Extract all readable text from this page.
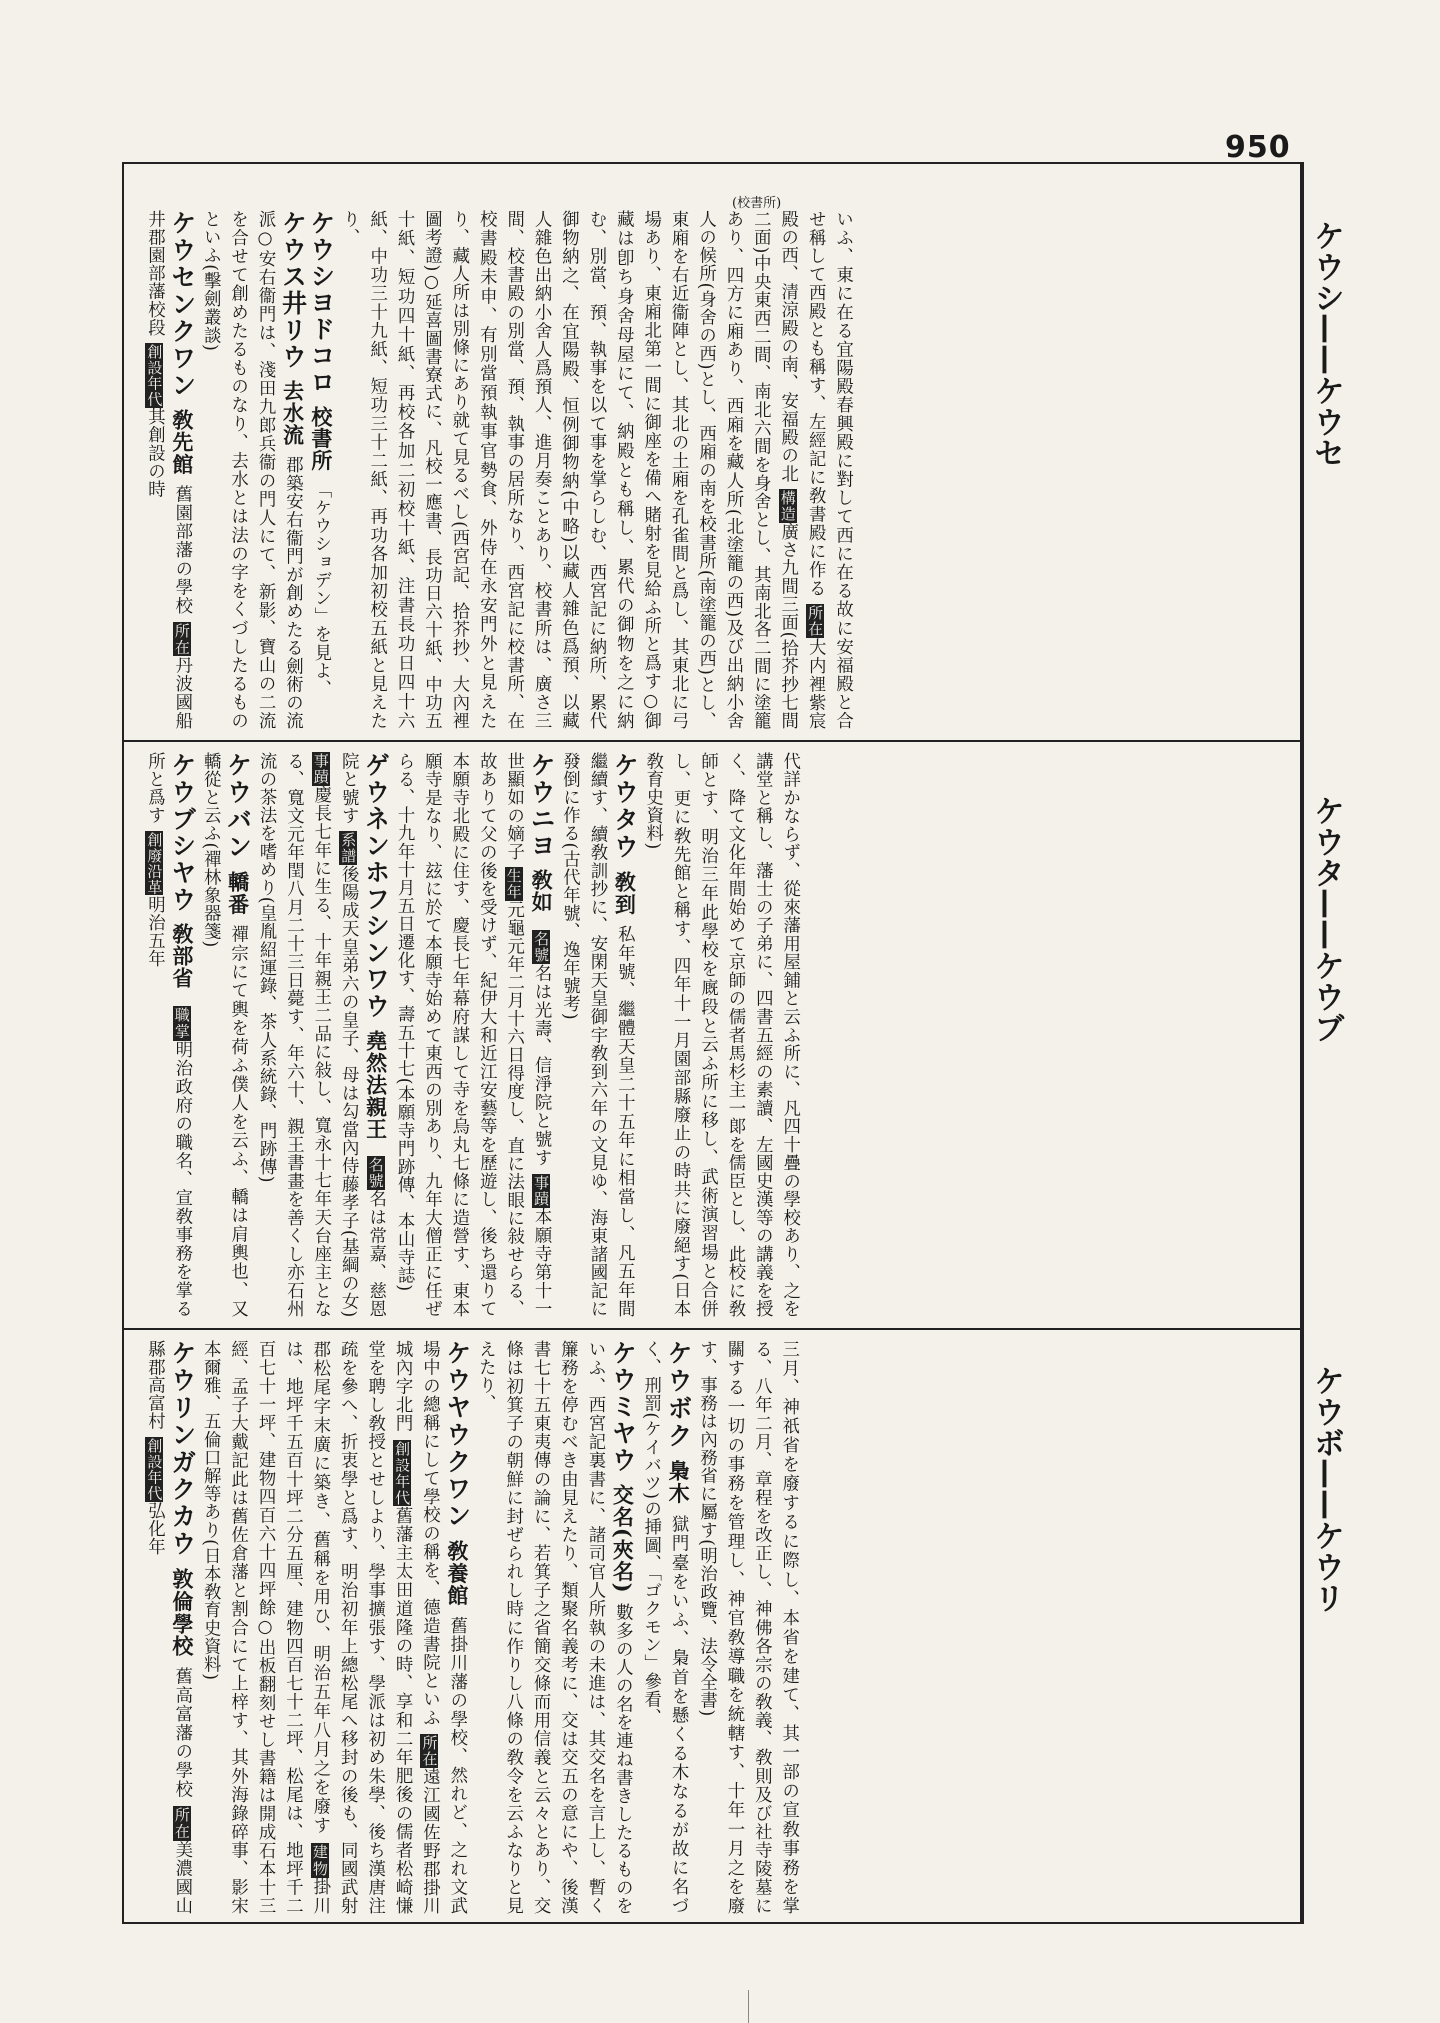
950
ケウシ——ケウセ
ケウタ——ケウブ
ケウボ——ケウリ
(校書所)
いふ、東に在る宜陽殿春興殿に對して西に在る故に安福殿と合せ稱して西殿とも稱す、左經記に敎書殿に作る 所在大内裡紫宸殿の西、清涼殿の南、安福殿の北 構造廣さ九間三面(拾芥抄七間二面)中央東西二間、南北六間を身舍とし、其南北各二間に塗籠あり、四方に廂あり、西廂を藏人所(北塗籠の西)及び出納小舍人の候所(身舍の西)とし、西廂の南を校書所(南塗籠の西)とし、東廂を右近衞陣とし、其北の土廂を孔雀間と爲し、其東北に弓場あり、東廂北第一間に御座を備へ賭射を見給ふ所と爲す○御藏は卽ち身舍母屋にて、納殿とも稱し、累代の御物を之に納む、別當、預、執事を以て事を掌らしむ、西宮記に納所、累代御物納之、在宜陽殿、恒例御物納(中略)以藏人雜色爲預、以藏人雜色出納小舍人爲預人、進月奏ことあり、校書所は、廣さ三間、校書殿の別當、預、執事の居所なり、西宮記に校書所、在校書殿未申、有別當預執事官勢食、外侍在永安門外と見えたり、藏人所は別條にあり就て見るべし(西宮記、拾芥抄、大內裡圖考證)○延喜圖書寮式に、凡校一應書、長功日六十紙、中功五十紙、短功四十紙、再校各加二初校十紙、注書長功日四十六紙、中功三十九紙、短功三十二紙、再功各加初校五紙と見えたり、
ケウシヨドコロ校書所「ケウショデン」を見よ、
ケウス井リウ去水流郡築安右衞門が創めたる劍術の流派○安右衞門は、淺田九郎兵衞の門人にて、新影、寶山の二流を合せて創めたるものなり、去水とは法の字をくづしたるものといふ(擊劍叢談)
ケウセンクワン敎先館舊園部藩の學校 所在丹波國船井郡園部藩校段 創設年代其創設の時
代詳かならず、從來藩用屋鋪と云ふ所に、凡四十疊の學校あり、之を講堂と稱し、藩士の子弟に、四書五經の素讀、左國史漢等の講義を授く、降て文化年間始めて京師の儒者馬杉主一郞を儒臣とし、此校に敎師とす、明治三年此學校を廐段と云ふ所に移し、武術演習場と合併し、更に敎先館と稱す、四年十一月園部縣廢止の時共に廢絕す(日本敎育史資料)
ケウタウ敎到私年號、繼體天皇二十五年に相當し、凡五年間繼續す、續敎訓抄に、安閑天皇御宇敎到六年の文見ゆ、海東諸國記に發倒に作る(古代年號、逸年號考)
ケウニヨ敎如 名號名は光壽、信淨院と號す 事蹟本願寺第十一世顯如の嫡子 生年元龜元年二月十六日得度し、直に法眼に敍せらる、故ありて父の後を受けず、紀伊大和近江安藝等を歷遊し、後ち還りて本願寺北殿に住す、慶長七年幕府謀して寺を烏丸七條に造營す、東本願寺是なり、玆に於て本願寺始めて東西の別あり、九年大僧正に任ぜらる、十九年十月五日遷化す、壽五十七(本願寺門跡傳、本山寺誌)
ゲウネンホフシンワウ堯然法親王 名號名は常嘉、慈恩院と號す 系譜後陽成天皇弟六の皇子、母は勾當內侍藤孝子(基綱の女) 事蹟慶長七年に生る、十年親王二品に敍し、寬永十七年天台座主となる、寬文元年閏八月二十三日薨す、年六十、親王書畫を善くし亦石州流の茶法を嗜めり(皇胤紹運錄、茶人系統錄、門跡傳)
ケウバン轎番禪宗にて輿を荷ふ僕人を云ふ、轎は肩輿也、又轎從と云ふ(禪林象器箋)
ケウブシヤウ敎部省 職掌明治政府の職名、宣敎事務を掌る所と爲す 創廢沿革明治五年
三月、神祇省を廢するに際し、本省を建て、其一部の宣敎事務を掌る、八年二月、章程を改正し、神佛各宗の敎義、敎則及び社寺陵墓に關する一切の事務を管理し、神官敎導職を統轄す、十年一月之を廢す、事務は內務省に屬す(明治政覽、法令全書)
ケウボク梟木獄門臺をいふ、梟首を懸くる木なるが故に名づく、刑罰(ケイバツ)の挿圖、「ゴクモン」參看、
ケウミヤウ交名(夾名)數多の人の名を連ね書きしたるものをいふ、西宮記裏書に、諸司官人所執の未進は、其交名を言上し、暫く簾務を停むべき由見えたり、類聚名義考に、交は交五の意にや、後漢書七十五東夷傳の論に、若箕子之省簡交條而用信義と云々とあり、交條は初箕子の朝鮮に封ぜられし時に作りし八條の敎令を云ふなりと見えたり、
ケウヤウクワン敎養館舊掛川藩の學校、然れど、之れ文武場中の總稱にして學校の稱を、德造書院といふ 所在遠江國佐野郡掛川城內字北門 創設年代舊藩主太田道隆の時、享和二年肥後の儒者松崎慊堂を聘し敎授とせしより、學事擴張す、學派は初め朱學、後ち漢唐注疏を參へ、折衷學と爲す、明治初年上總松尾へ移封の後も、同國武射郡松尾字末廣に築き、舊稱を用ひ、明治五年八月之を廢す 建物掛川は、地坪千五百十坪二分五厘、建物四百七十二坪、松尾は、地坪千二百七十一坪、建物四百六十四坪餘○出板翻刻せし書籍は開成石本十三經、孟子大戴記此は舊佐倉藩と割合にて上梓す、其外海錄碎事、影宋本爾雅、五倫口解等あり(日本敎育史資料)
ケウリンガクカウ敦倫學校舊高富藩の學校 所在美濃國山縣郡高富村 創設年代弘化年
